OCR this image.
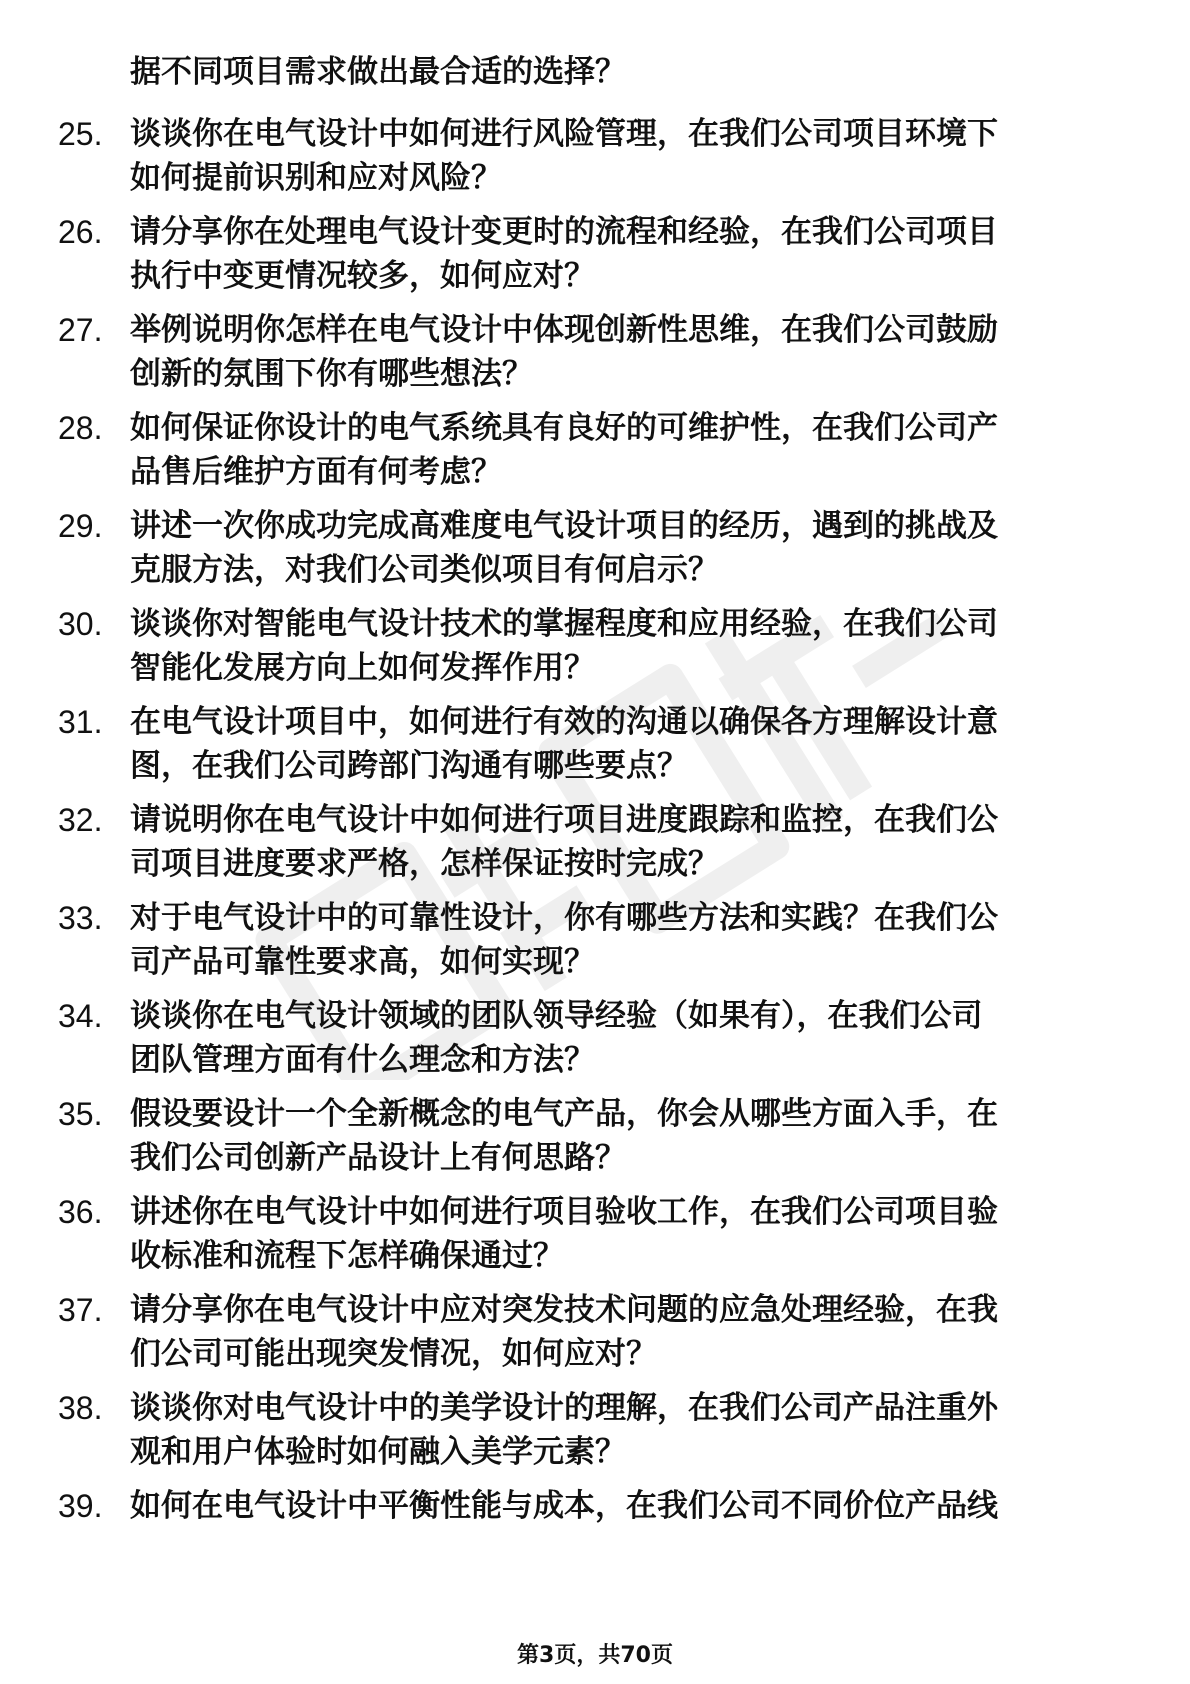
据不同项目需求做出最合适的选择？
25. 谈谈你在电气设计中如何进行风险管理，在我们公司项目环境下
如何提前识别和应对风险？
26. 请分享你在处理电气设计变更时的流程和经验，在我们公司项目
执行中变更情况较多，如何应对？
27. 举例说明你怎样在电气设计中体现创新性思维，在我们公司鼓励
创新的氛围下你有哪些想法？
28. 如何保证你设计的电气系统具有良好的可维护性，在我们公司产
品售后维护方面有何考虑？
29. 讲述一次你成功完成高难度电气设计项目的经历，遇到的挑战及
克服方法，对我们公司类似项目有何启示？
30. 谈谈你对智能电气设计技术的掌握程度和应用经验，在我们公司
智能化发展方向上如何发挥作用？
31. 在电气设计项目中，如何进行有效的沟通以确保各方理解设计意
图，在我们公司跨部门沟通有哪些要点？
32. 请说明你在电气设计中如何进行项目进度跟踪和监控，在我们公
司项目进度要求严格，怎样保证按时完成？
33. 对于电气设计中的可靠性设计，你有哪些方法和实践？在我们公
司产品可靠性要求高，如何实现？
34. 谈谈你在电气设计领域的团队领导经验（如果有），在我们公司
团队管理方面有什么理念和方法？
35. 假设要设计一个全新概念的电气产品，你会从哪些方面入手，在
我们公司创新产品设计上有何思路？
36. 讲述你在电气设计中如何进行项目验收工作，在我们公司项目验
收标准和流程下怎样确保通过？
37. 请分享你在电气设计中应对突发技术问题的应急处理经验，在我
们公司可能出现突发情况，如何应对？
38. 谈谈你对电气设计中的美学设计的理解，在我们公司产品注重外
观和用户体验时如何融入美学元素？
39. 如何在电气设计中平衡性能与成本，在我们公司不同价位产品线
第3页，共70页
